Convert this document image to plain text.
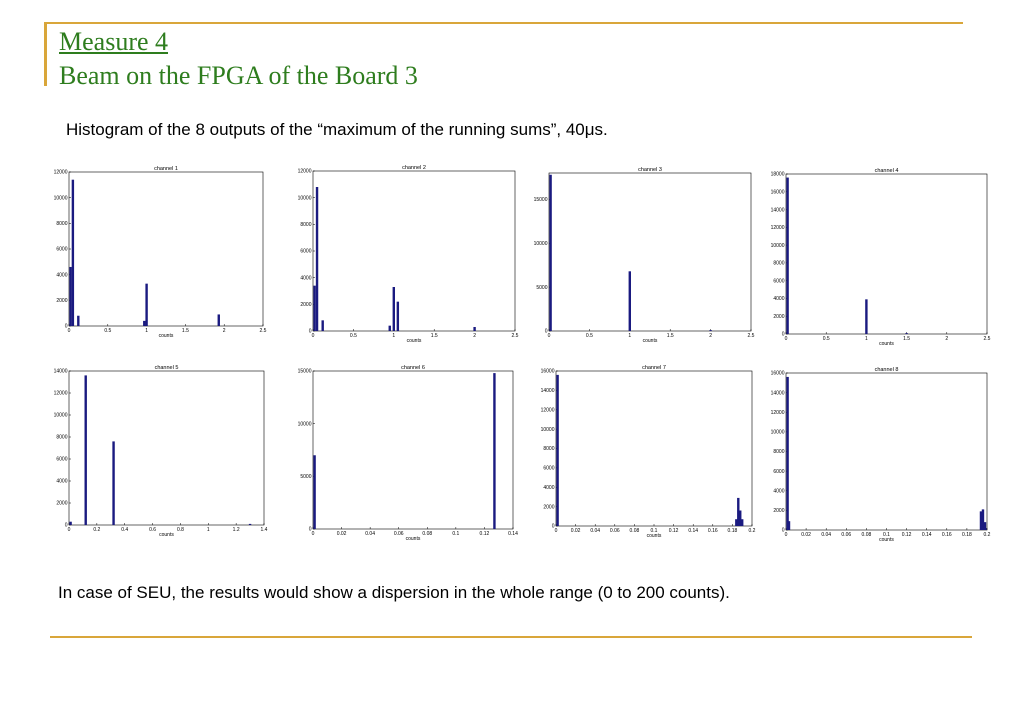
Measure 4
Beam on the FPGA of the Board 3
Histogram of the 8 outputs of the “maximum of the running sums”, 40μs.
channel 1
0	0.5	1	1.5	2	2.5
0
2000
4000
6000
8000
10000
12000
counts
channel 2
0	0.5	1	1.5	2	2.5
0
2000
4000
6000
8000
10000
12000
counts
channel 3
0	0.5	1	1.5	2	2.5
0
5000
10000
15000
counts
channel 4
0	0.5	1	1.5	2	2.5
0
2000
4000
6000
8000
10000
12000
14000
16000
18000
counts
channel 5
0	0.2	0.4	0.6	0.8	1	1.2	1.4
0
2000
4000
6000
8000
10000
12000
14000
counts
channel 6
0	0.02	0.04	0.06	0.08	0.1	0.12	0.14
0
5000
10000
15000
counts
channel 7
0	0.02 0.04 0.06 0.08 0.1 0.12 0.14 0.16 0.18 0.2
0
2000
4000
6000
8000
10000
12000
14000
16000
counts
channel 8
0	0.02 0.04 0.06 0.08 0.1 0.12 0.14 0.16 0.18 0.2
0
2000
4000
6000
8000
10000
12000
14000
16000
counts
In case of SEU, the results would show a dispersion in the whole range (0 to 200 counts).
